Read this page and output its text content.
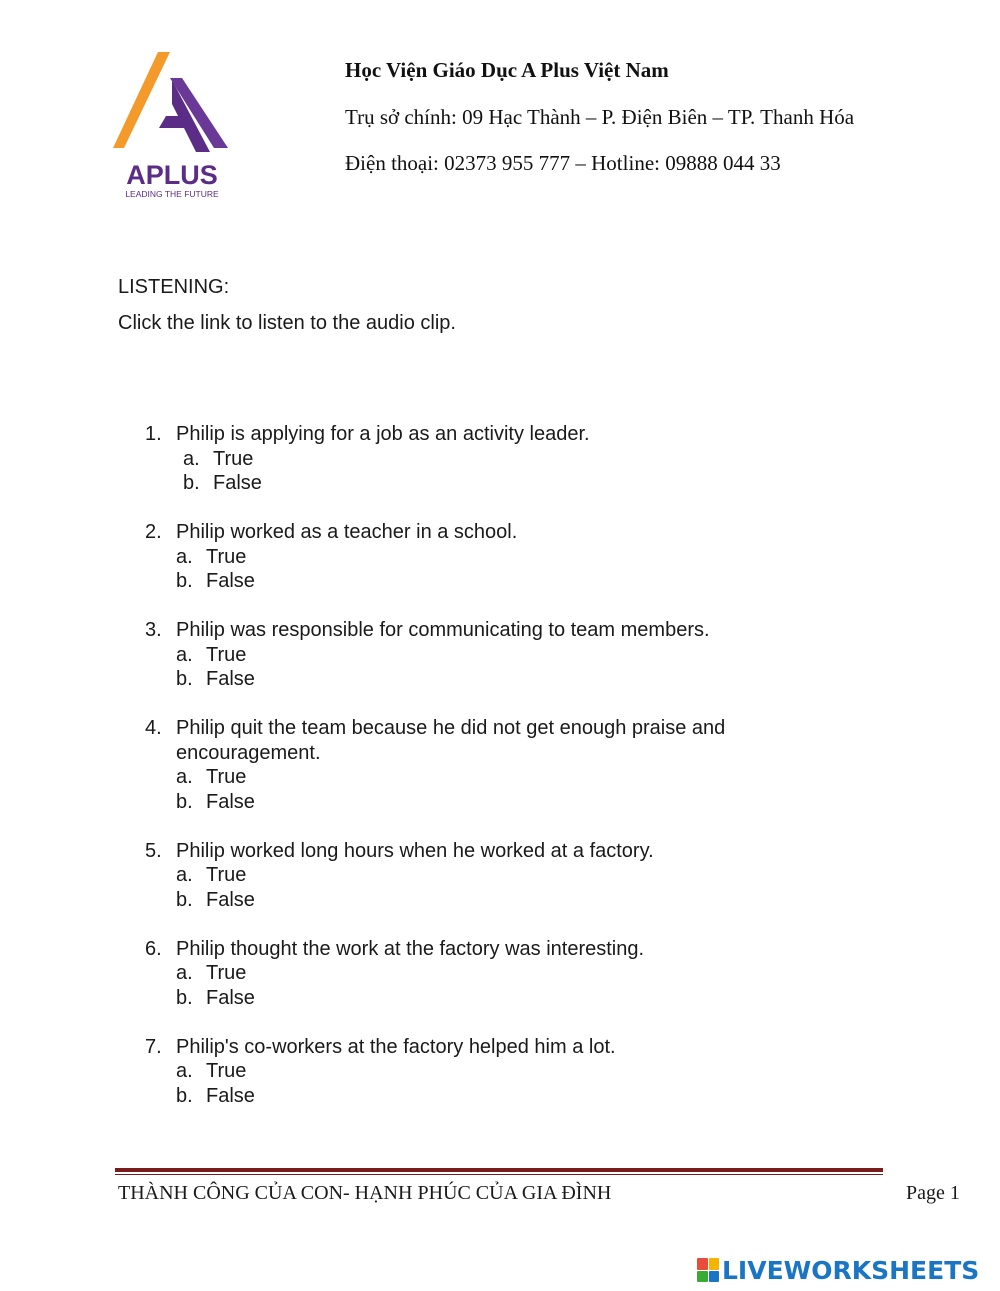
APLUS
LEADING THE FUTURE
Học Viện Giáo Dục A Plus Việt Nam
Trụ sở chính: 09 Hạc Thành – P. Điện Biên – TP. Thanh Hóa
Điện thoại: 02373 955 777 – Hotline: 09888 044 33
LISTENING:
Click the link to listen to the audio clip.
1. Philip is applying for a job as an activity leader.
a. True
b. False
2. Philip worked as a teacher in a school.
a. True
b. False
3. Philip was responsible for communicating to team members.
a. True
b. False
4. Philip quit the team because he did not get enough praise and encouragement.
a. True
b. False
5. Philip worked long hours when he worked at a factory.
a. True
b. False
6. Philip thought the work at the factory was interesting.
a. True
b. False
7. Philip's co-workers at the factory helped him a lot.
a. True
b. False
THÀNH CÔNG CỦA CON- HẠNH PHÚC CỦA GIA ĐÌNH	Page 1
LIVEWORKSHEETS
